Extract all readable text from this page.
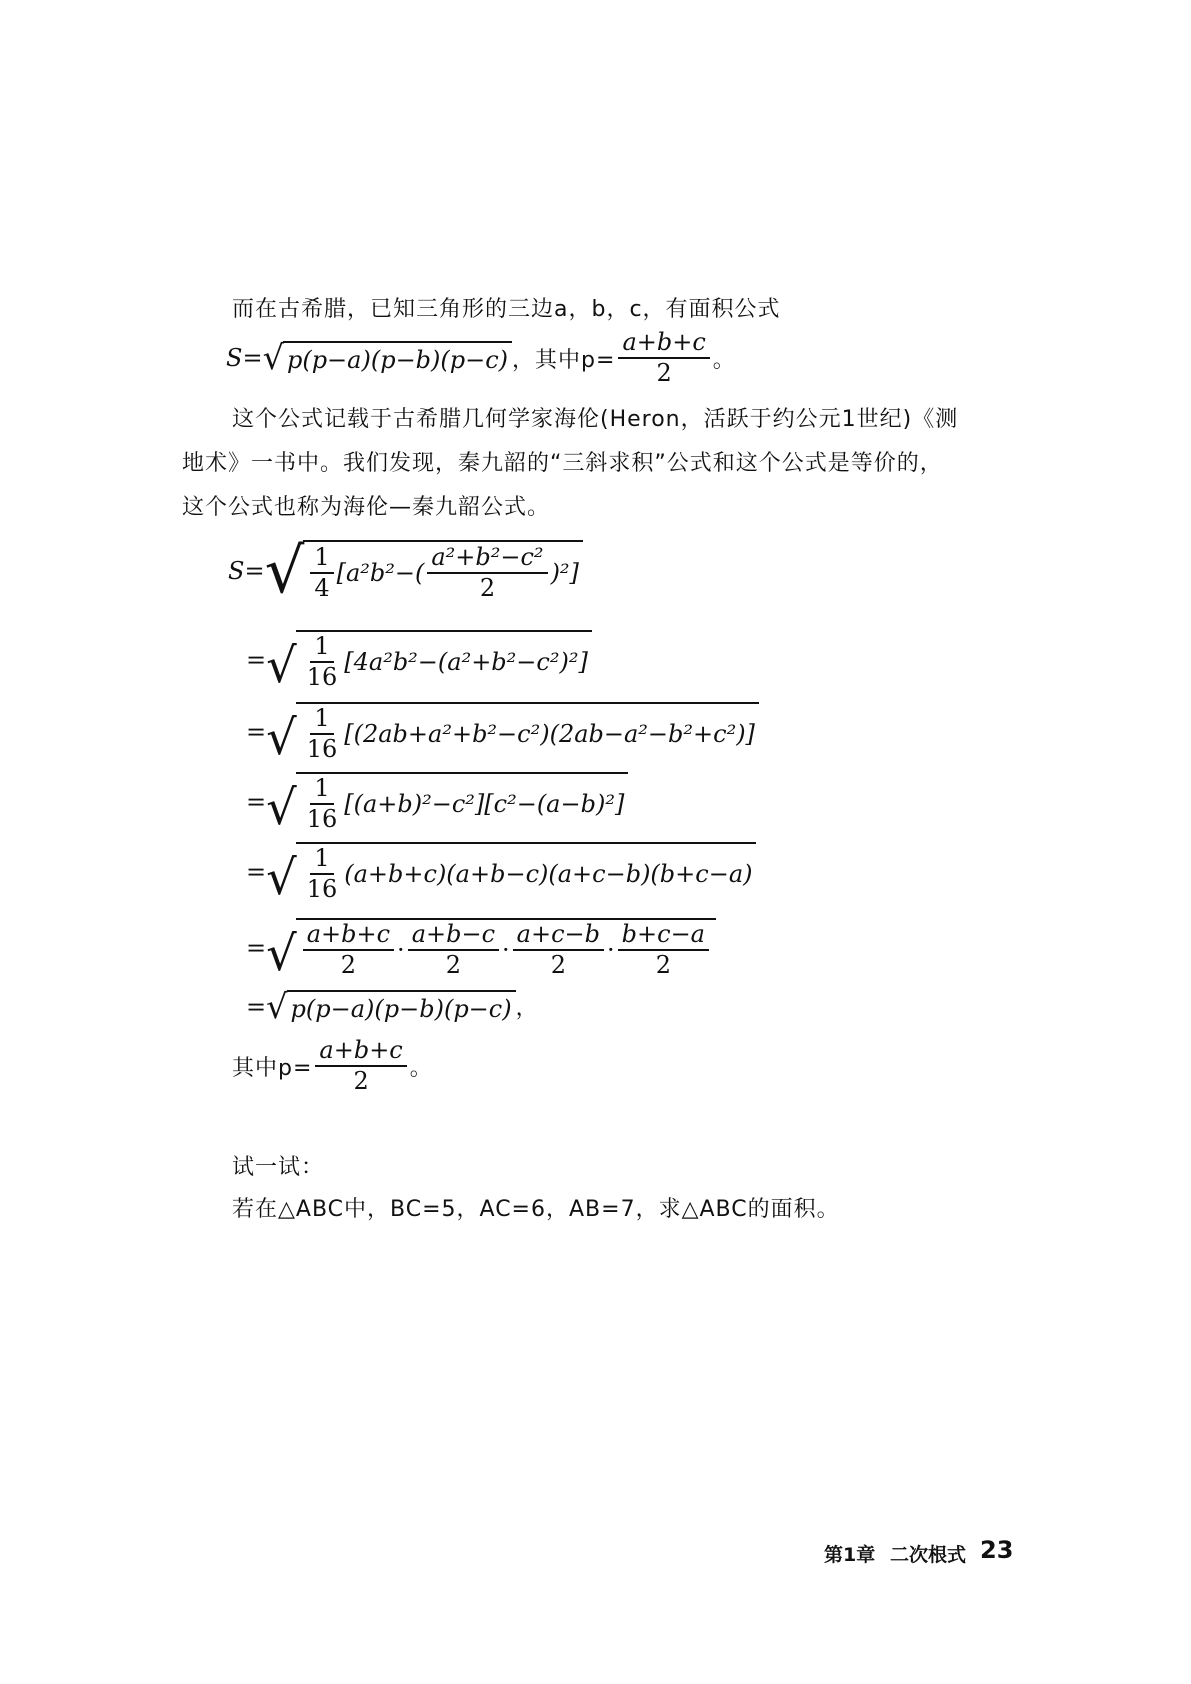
而在古希腊，已知三角形的三边a，b，c，有面积公式
S= √ p(p−a)(p−b)(p−c) ，其中$p= \frac{a+b+c}{2}$ 。
这个公式记载于古希腊几何学家海伦(Heron，活跃于约公元1世纪)《测
地术》一书中。我们发现，秦九韶的“三斜求积”公式和这个公式是等价的，
这个公式也称为海伦—秦九韶公式。
S= √ $\frac{1}{4} [a^2b^2-( \frac{\text{a²+b²−c²}}{2} )^2]$
= √ $\frac{1}{16} [4a^2b^2-(a^2+b^2-c^2)^2]$
= √ $\frac{1}{16} [(2ab+a^2+b^2-c^2)(2ab-a^2-b^2+c^2)]$
= √ $\frac{1}{16} [(a+b)^2-c^2][c^2-(a-b)^2]$
= √ $\frac{1}{16} (a+b+c)(a+b-c)(a+c-b)(b+c-a)$
= √ $\frac{a+b+c}{2} \cdot \frac{a+b-c}{2} \cdot \frac{a+c-b}{2} \cdot \frac{b+c-a}{2}$
= √ p(p−a)(p−b)(p−c) ，
其中$p= \frac{a+b+c}{2}$ 。
试一试：
若在△ABC中，BC=5，AC=6，AB=7，求△ABC的面积。
第1章 二次根式 23
